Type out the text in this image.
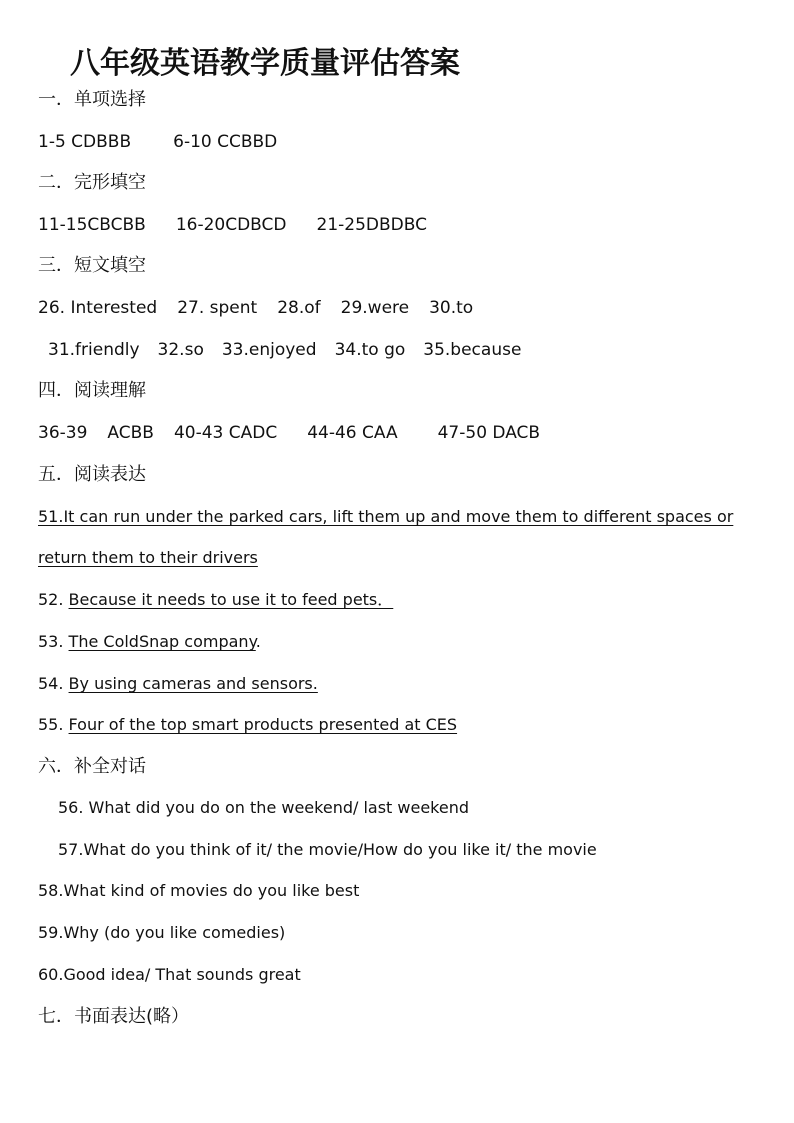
八年级英语教学质量评估答案
一．单项选择
1-5 CDBBB 6-10 CCBBD
二．完形填空
11-15CBCBB 16-20CDBCD 21-25DBDBC
三．短文填空
26. Interested 27. spent 28.of 29.were 30.to
31.friendly 32.so 33.enjoyed 34.to go 35.because
四．阅读理解
36-39 ACBB 40-43 CADC 44-46 CAA 47-50 DACB
五．阅读表达
51.It can run under the parked cars, lift them up and move them to different spaces or
return them to their drivers
52. Because it needs to use it to feed pets．
53. The ColdSnap company.
54. By using cameras and sensors.
55. Four of the top smart products presented at CES
六．补全对话
56. What did you do on the weekend/ last weekend
57.What do you think of it/ the movie/How do you like it/ the movie
58.What kind of movies do you like best
59.Why (do you like comedies)
60.Good idea/ That sounds great
七．书面表达(略）
